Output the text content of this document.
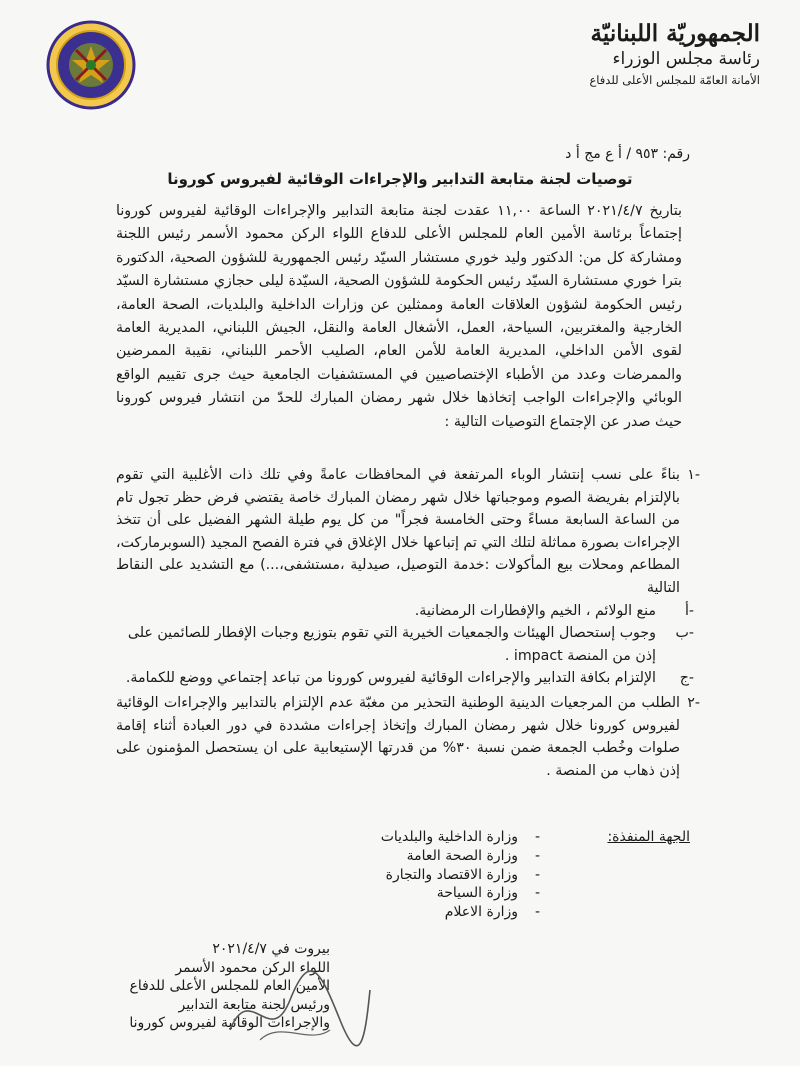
الجمهوريّة اللبنانيّة
رئاسة مجلس الوزراء
الأمانة العامّة للمجلس الأعلى للدفاع
رقم: ٩٥٣ / أ ع مج أ د
توصيات لجنة متابعة التدابير والإجراءات الوقائية لفيروس كورونا
بتاريخ ٢٠٢١/٤/٧ الساعة ١١,٠٠ عقدت لجنة متابعة التدابير والإجراءات الوقائية لفيروس كورونا إجتماعاً برئاسة الأمين العام للمجلس الأعلى للدفاع اللواء الركن محمود الأسمر رئيس اللجنة ومشاركة كل من: الدكتور وليد خوري مستشار السيّد رئيس الجمهورية للشؤون الصحية، الدكتورة بترا خوري مستشارة السيّد رئيس الحكومة للشؤون الصحية، السيّدة ليلى حجازي مستشارة السيّد رئيس الحكومة لشؤون العلاقات العامة وممثلين عن وزارات الداخلية والبلديات، الصحة العامة، الخارجية والمغتربين، السياحة، العمل، الأشغال العامة والنقل، الجيش اللبناني، المديرية العامة لقوى الأمن الداخلي، المديرية العامة للأمن العام، الصليب الأحمر اللبناني، نقيبة الممرضين والممرضات وعدد من الأطباء الإختصاصيين في المستشفيات الجامعية حيث جرى تقييم الواقع الوبائي والإجراءات الواجب إتخاذها خلال شهر رمضان المبارك للحدّ من انتشار فيروس كورونا حيث صدر عن الإجتماع التوصيات التالية :
-١
بناءً على نسب إنتشار الوباء المرتفعة في المحافظات عامةً وفي تلك ذات الأغلبية التي تقوم بالإلتزام بفريضة الصوم وموجباتها خلال شهر رمضان المبارك خاصة يقتضي فرض حظر تجول تام من الساعة السابعة مساءً وحتى الخامسة فجراً" من كل يوم طيلة الشهر الفضيل على أن تتخذ الإجراءات بصورة مماثلة لتلك التي تم إتباعها خلال الإغلاق في فترة الفصح المجيد (السوبرماركت، المطاعم ومحلات بيع المأكولات :خدمة التوصيل، صيدلية ،مستشفى،...) مع التشديد على النقاط التالية
-أ
منع الولائم ، الخيم والإفطارات الرمضانية.
-ب
وجوب إستحصال الهيئات والجمعيات الخيرية التي تقوم بتوزيع وجبات الإفطار للصائمين على إذن من المنصة impact .
-ج
الإلتزام بكافة التدابير والإجراءات الوقائية لفيروس كورونا من تباعد إجتماعي ووضع للكمامة.
-٢
الطلب من المرجعيات الدينية الوطنية التحذير من مغبّة عدم الإلتزام بالتدابير والإجراءات الوقائية لفيروس كورونا خلال شهر رمضان المبارك وإتخاذ إجراءات مشددة في دور العبادة أثناء إقامة صلوات وخُطب الجمعة ضمن نسبة ٣٠% من قدرتها الإستيعابية على ان يستحصل المؤمنون على إذن ذهاب من المنصة .
الجهة المنفذة:
-
وزارة الداخلية والبلديات
-
وزارة الصحة العامة
-
وزارة الاقتصاد والتجارة
-
وزارة السياحة
-
وزارة الاعلام
بيروت في ٢٠٢١/٤/٧
اللواء الركن محمود الأسمر
الأمين العام للمجلس الأعلى للدفاع
ورئيس لجنة متابعة التدابير
والإجراءات الوقائية لفيروس كورونا
